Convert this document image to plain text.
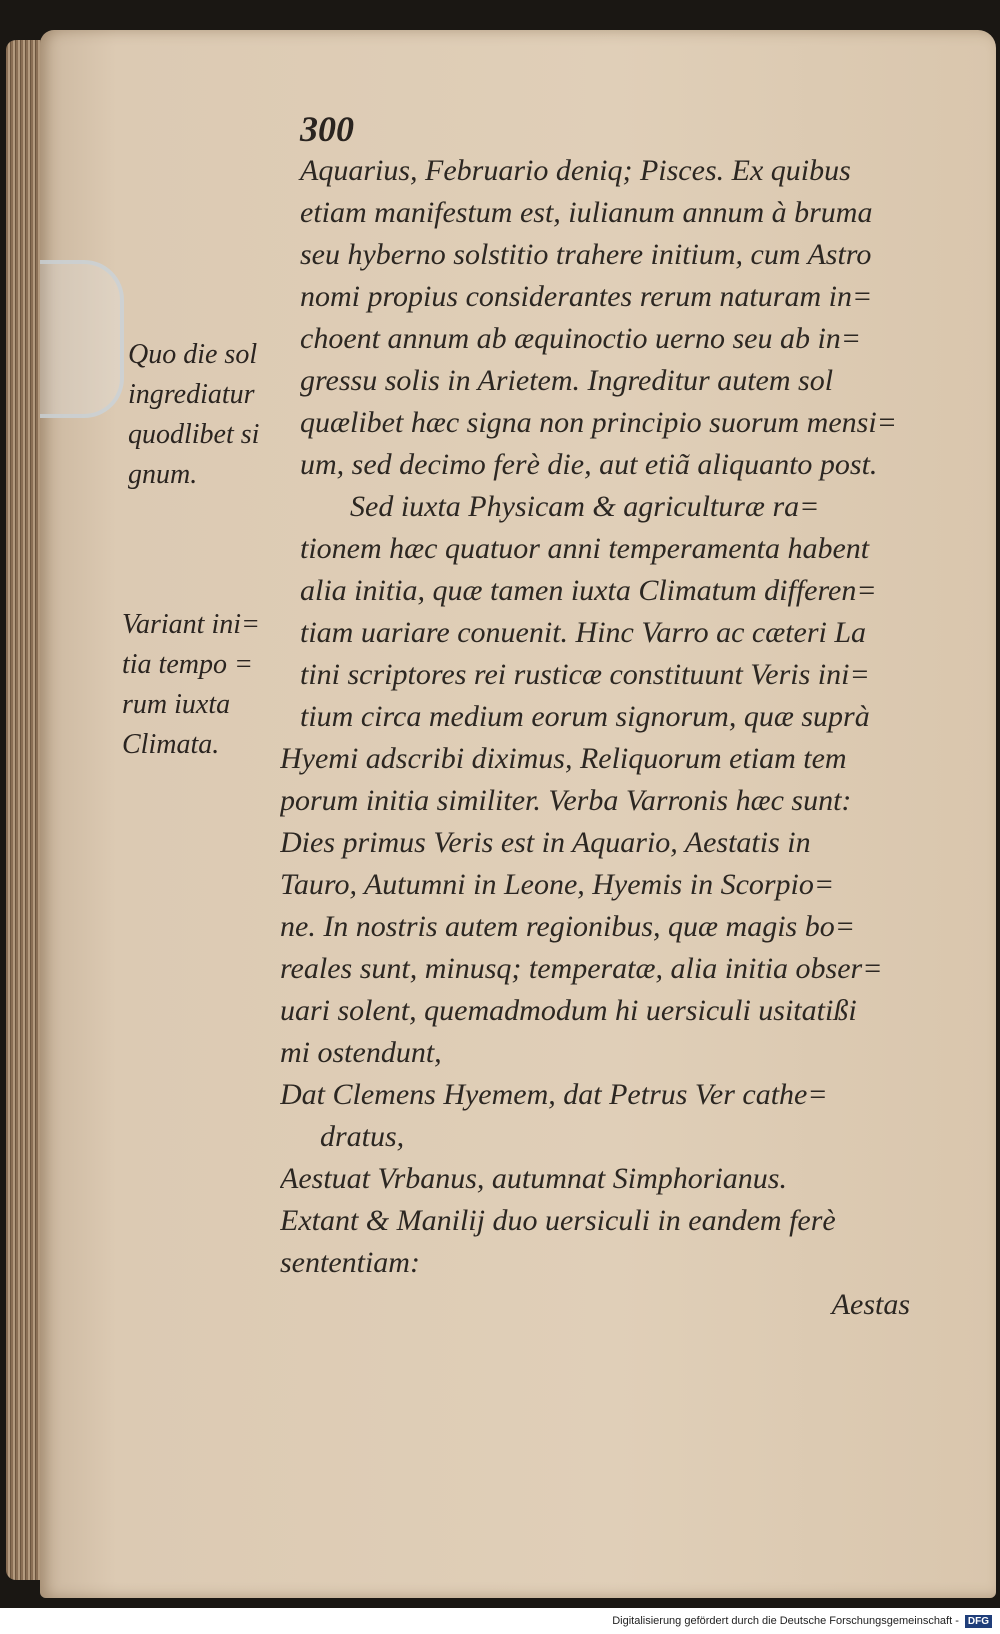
300
Quo die sol
ingrediatur
quodlibet si
gnum.
Variant ini=
tia tempo =
rum iuxta
Climata.
Aquarius, Februario deniq; Pisces. Ex quibus
etiam manifestum est, iulianum annum à bruma
seu hyberno solstitio trahere initium, cum Astro
nomi propius considerantes rerum naturam in=
choent annum ab æquinoctio uerno seu ab in=
gressu solis in Arietem. Ingreditur autem sol
quælibet hæc signa non principio suorum mensi=
um, sed decimo ferè die, aut etiã aliquanto post.
Sed iuxta Physicam & agriculturæ ra=
tionem hæc quatuor anni temperamenta habent
alia initia, quæ tamen iuxta Climatum differen=
tiam uariare conuenit. Hinc Varro ac cæteri La
tini scriptores rei rusticæ constituunt Veris ini=
tium circa medium eorum signorum, quæ suprà
Hyemi adscribi diximus, Reliquorum etiam tem
porum initia similiter. Verba Varronis hæc sunt:
Dies primus Veris est in Aquario, Aestatis in
Tauro, Autumni in Leone, Hyemis in Scorpio=
ne. In nostris autem regionibus, quæ magis bo=
reales sunt, minusq; temperatæ, alia initia obser=
uari solent, quemadmodum hi uersiculi usitatißi
mi ostendunt,
Dat Clemens Hyemem, dat Petrus Ver cathe=
dratus,
Aestuat Vrbanus, autumnat Simphorianus.
Extant & Manilij duo uersiculi in eandem ferè
sententiam:
Aestas
Digitalisierung gefördert durch die Deutsche Forschungsgemeinschaft - DFG
